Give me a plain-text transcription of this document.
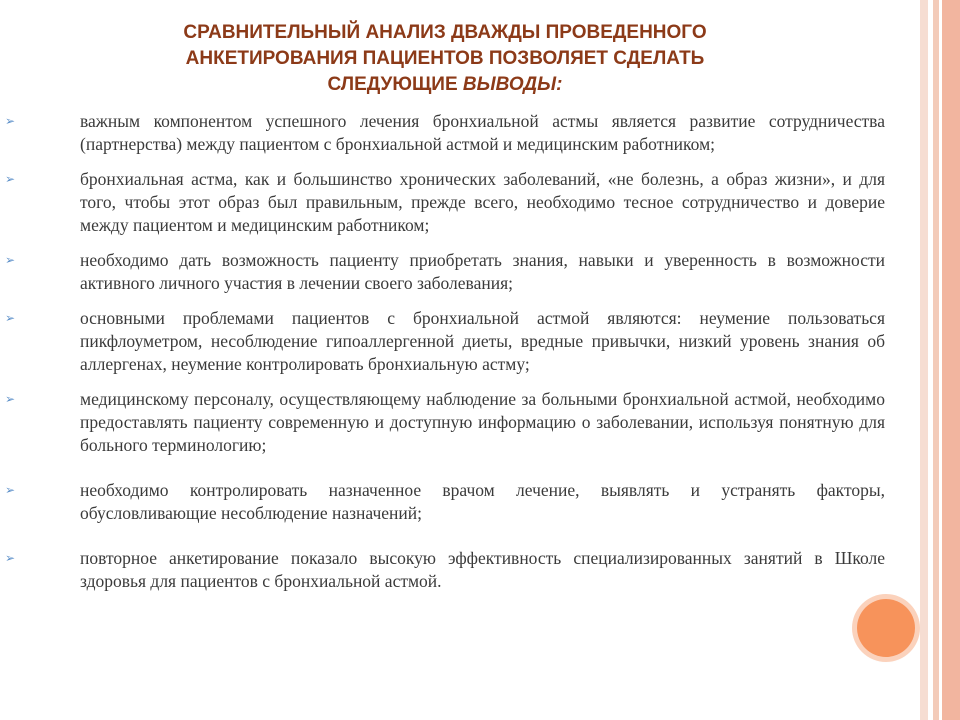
СРАВНИТЕЛЬНЫЙ АНАЛИЗ ДВАЖДЫ ПРОВЕДЕННОГО
АНКЕТИРОВАНИЯ ПАЦИЕНТОВ ПОЗВОЛЯЕТ СДЕЛАТЬ
СЛЕДУЮЩИЕ ВЫВОДЫ:
➢	важным компонентом успешного лечения бронхиальной астмы является развитие сотрудничества (партнерства) между пациентом с бронхиальной астмой и медицинским работником;
➢	бронхиальная астма, как и большинство хронических заболеваний, «не болезнь, а образ жизни», и для того, чтобы этот образ был правильным, прежде всего, необходимо тесное сотрудничество и доверие между пациентом и медицинским работником;
➢	необходимо дать возможность пациенту приобретать знания, навыки и уверенность в возможности активного личного участия в лечении своего заболевания;
➢	основными проблемами пациентов с бронхиальной астмой являются: неумение пользоваться пикфлоуметром, несоблюдение гипоаллергенной диеты, вредные привычки, низкий уровень знания об аллергенах, неумение контролировать бронхиальную астму;
➢	медицинскому персоналу, осуществляющему наблюдение за больными бронхиальной астмой, необходимо предоставлять пациенту современную и доступную информацию о заболевании, используя понятную для больного терминологию;
➢	необходимо контролировать назначенное врачом лечение, выявлять и устранять факторы, обусловливающие несоблюдение назначений;
➢	повторное анкетирование показало высокую эффективность специализированных занятий в Школе здоровья для пациентов с бронхиальной астмой.
